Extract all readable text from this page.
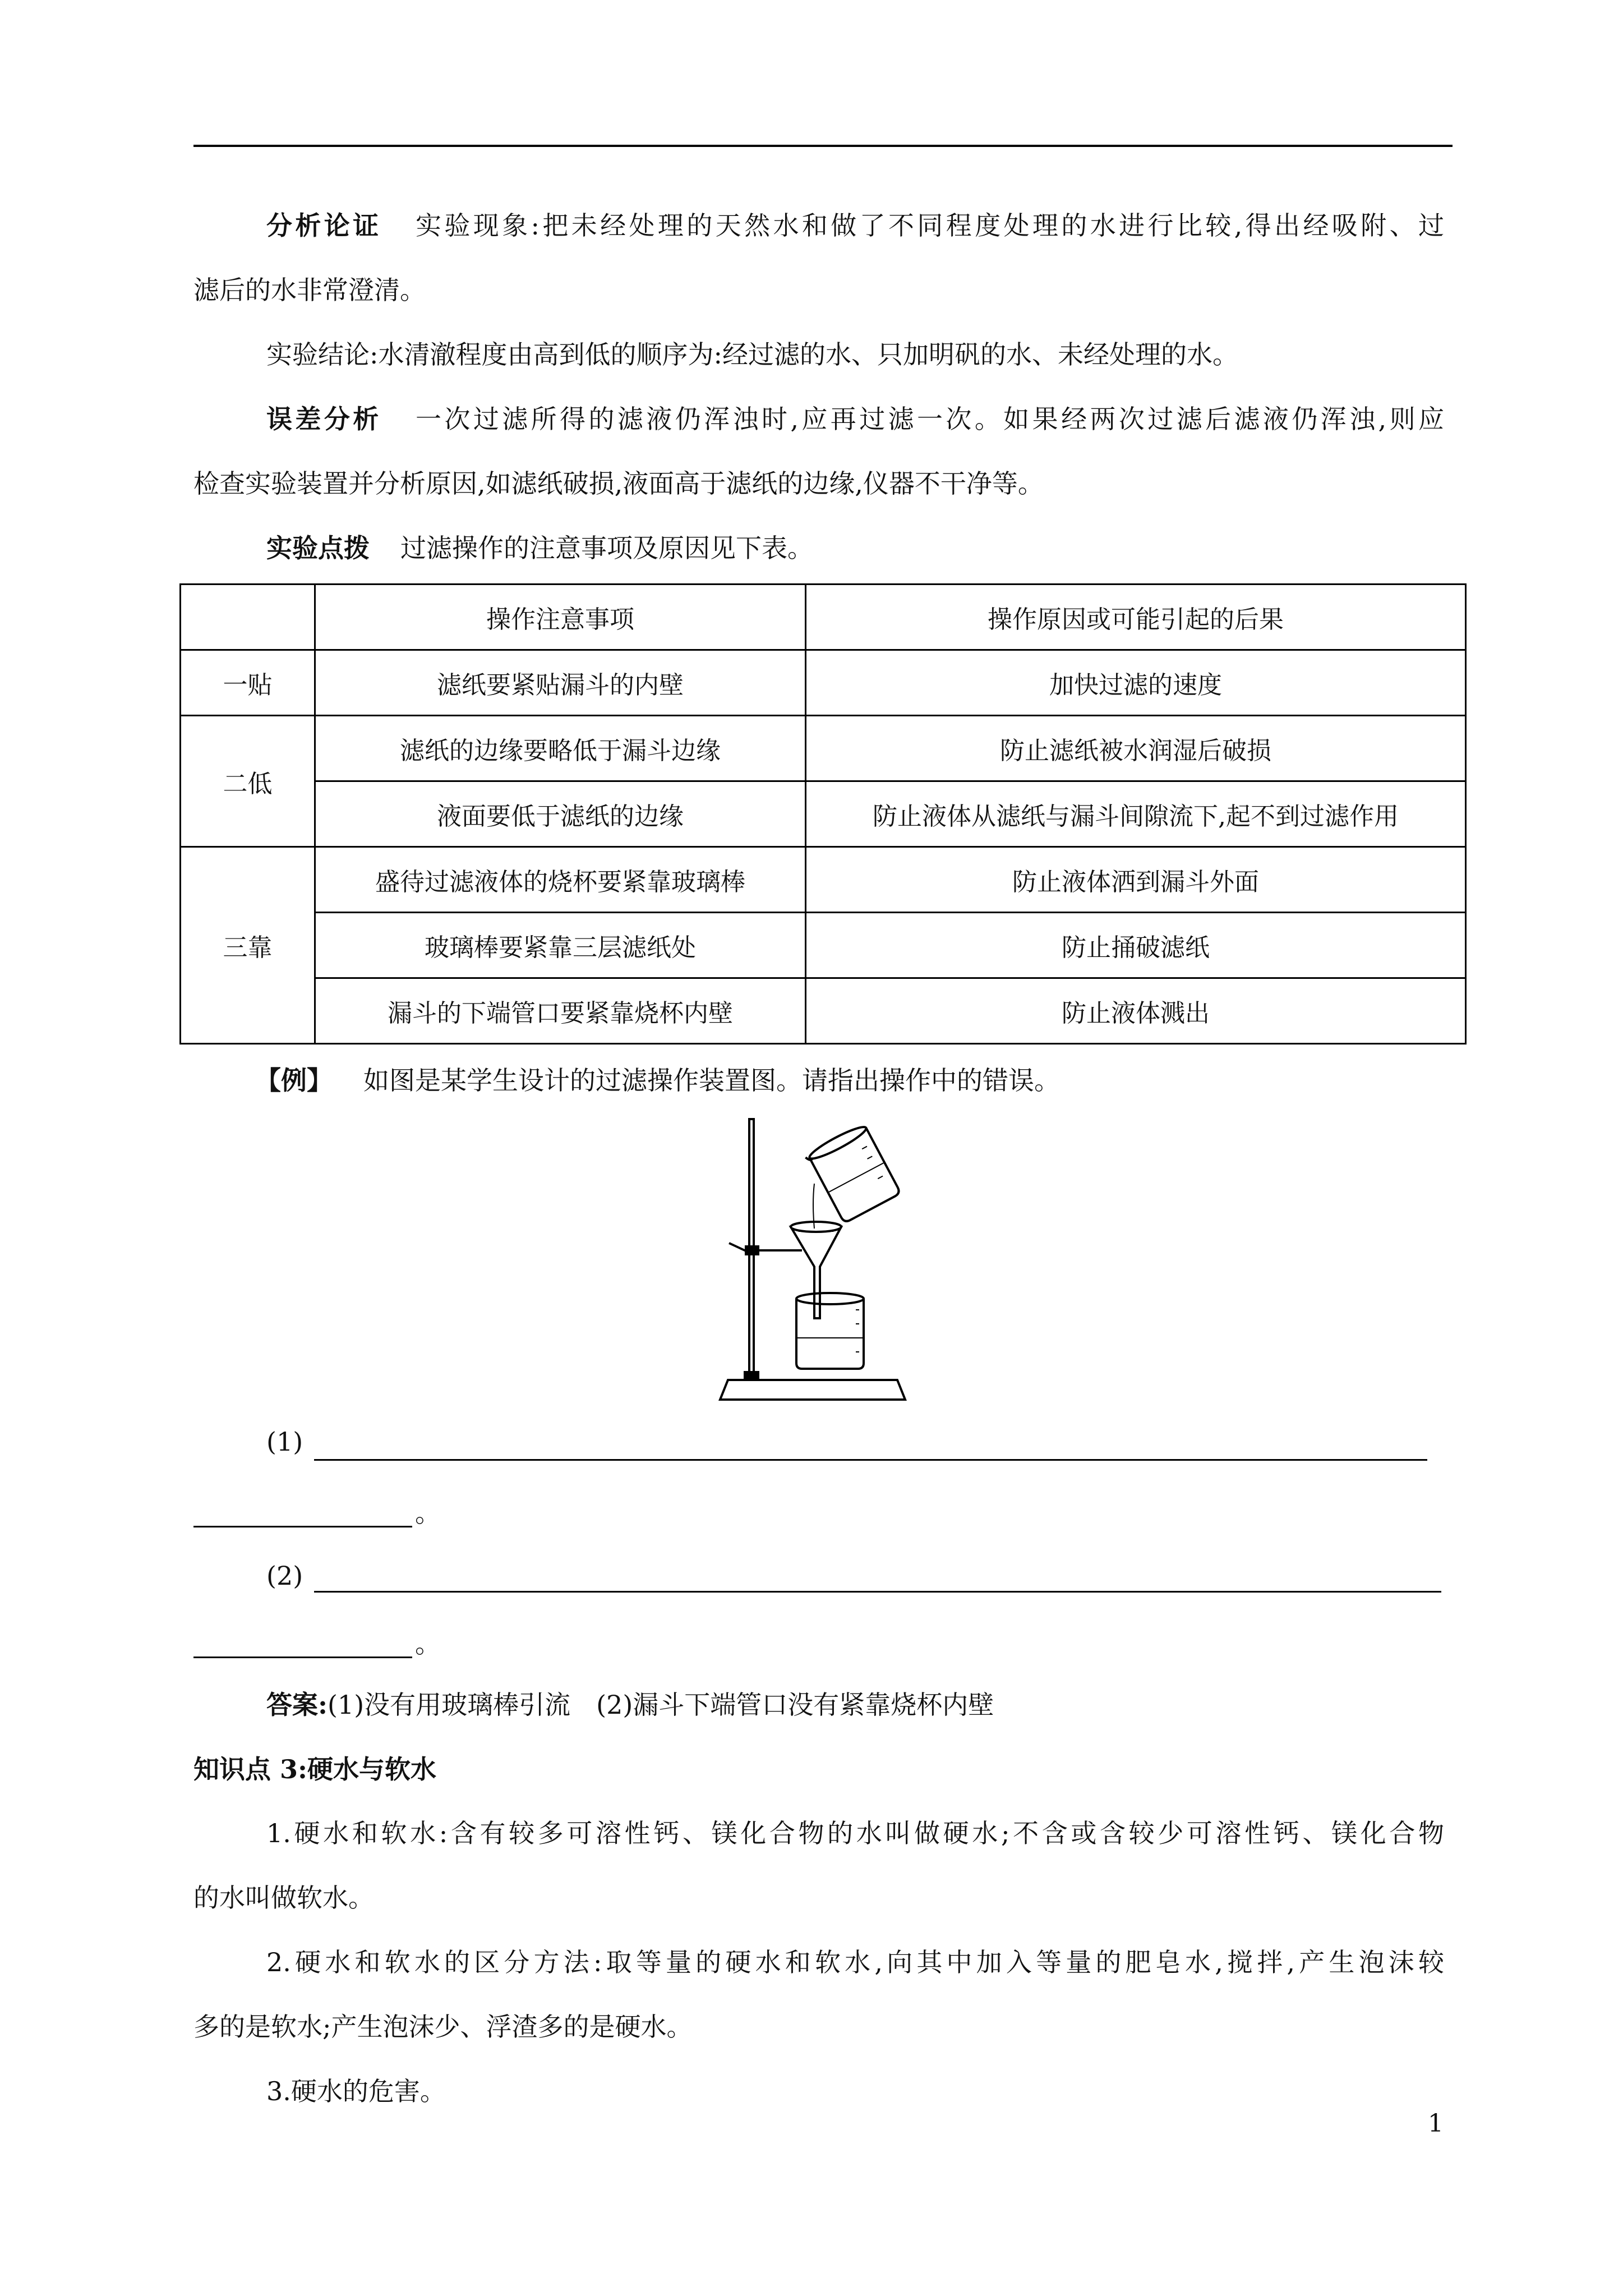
分析论证 实验现象:把未经处理的天然水和做了不同程度处理的水进行比较,得出经吸附、过
滤后的水非常澄清。
实验结论:水清澈程度由高到低的顺序为:经过滤的水、只加明矾的水、未经处理的水。
误差分析 一次过滤所得的滤液仍浑浊时,应再过滤一次。如果经两次过滤后滤液仍浑浊,则应
检查实验装置并分析原因,如滤纸破损,液面高于滤纸的边缘,仪器不干净等。
实验点拨 过滤操作的注意事项及原因见下表。
	操作注意事项	操作原因或可能引起的后果
一贴	滤纸要紧贴漏斗的内壁	加快过滤的速度
二低	滤纸的边缘要略低于漏斗边缘	防止滤纸被水润湿后破损
	液面要低于滤纸的边缘	防止液体从滤纸与漏斗间隙流下,起不到过滤作用
三靠	盛待过滤液体的烧杯要紧靠玻璃棒	防止液体洒到漏斗外面
	玻璃棒要紧靠三层滤纸处	防止捅破滤纸
	漏斗的下端管口要紧靠烧杯内壁	防止液体溅出
【例】 如图是某学生设计的过滤操作装置图。请指出操作中的错误。
(1)
。
(2)
。
答案:(1)没有用玻璃棒引流　(2)漏斗下端管口没有紧靠烧杯内壁
知识点 3:硬水与软水
1.硬水和软水:含有较多可溶性钙、镁化合物的水叫做硬水;不含或含较少可溶性钙、镁化合物
的水叫做软水。
2.硬水和软水的区分方法:取等量的硬水和软水,向其中加入等量的肥皂水,搅拌,产生泡沫较
多的是软水;产生泡沫少、浮渣多的是硬水。
3.硬水的危害。
1
